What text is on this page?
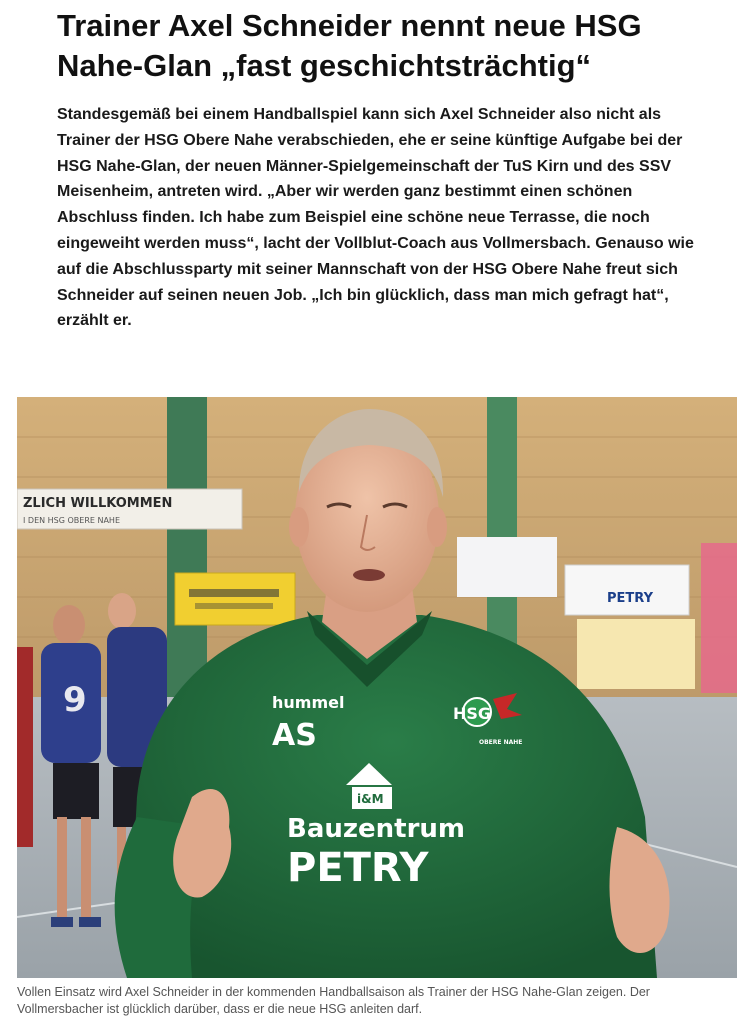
Trainer Axel Schneider nennt neue HSG Nahe-Glan „fast geschichtsträchtig“

Standesgemäß bei einem Handballspiel kann sich Axel Schneider also nicht als Trainer der HSG Obere Nahe verabschieden, ehe er seine künftige Aufgabe bei der HSG Nahe-Glan, der neuen Männer-Spielgemeinschaft der TuS Kirn und des SSV Meisenheim, antreten wird. „Aber wir werden ganz bestimmt einen schönen Abschluss finden. Ich habe zum Beispiel eine schöne neue Terrasse, die noch eingeweiht werden muss“, lacht der Vollblut-Coach aus Vollmersbach. Genauso wie auf die Abschlussparty mit seiner Mannschaft von der HSG Obere Nahe freut sich Schneider auf seinen neuen Job. „Ich bin glücklich, dass man mich gefragt hat“, erzählt er.

ZLICH WILLKOMMEN
I DEN HSG OBERE NAHE
PETRY
9	hummel
AS
HSG
OBERE NAHE
i&M
Bauzentrum
PETRY

Vollen Einsatz wird Axel Schneider in der kommenden Handballsaison als Trainer der HSG Nahe-Glan zeigen. Der Vollmersbacher ist glücklich darüber, dass er die neue HSG anleiten darf.
